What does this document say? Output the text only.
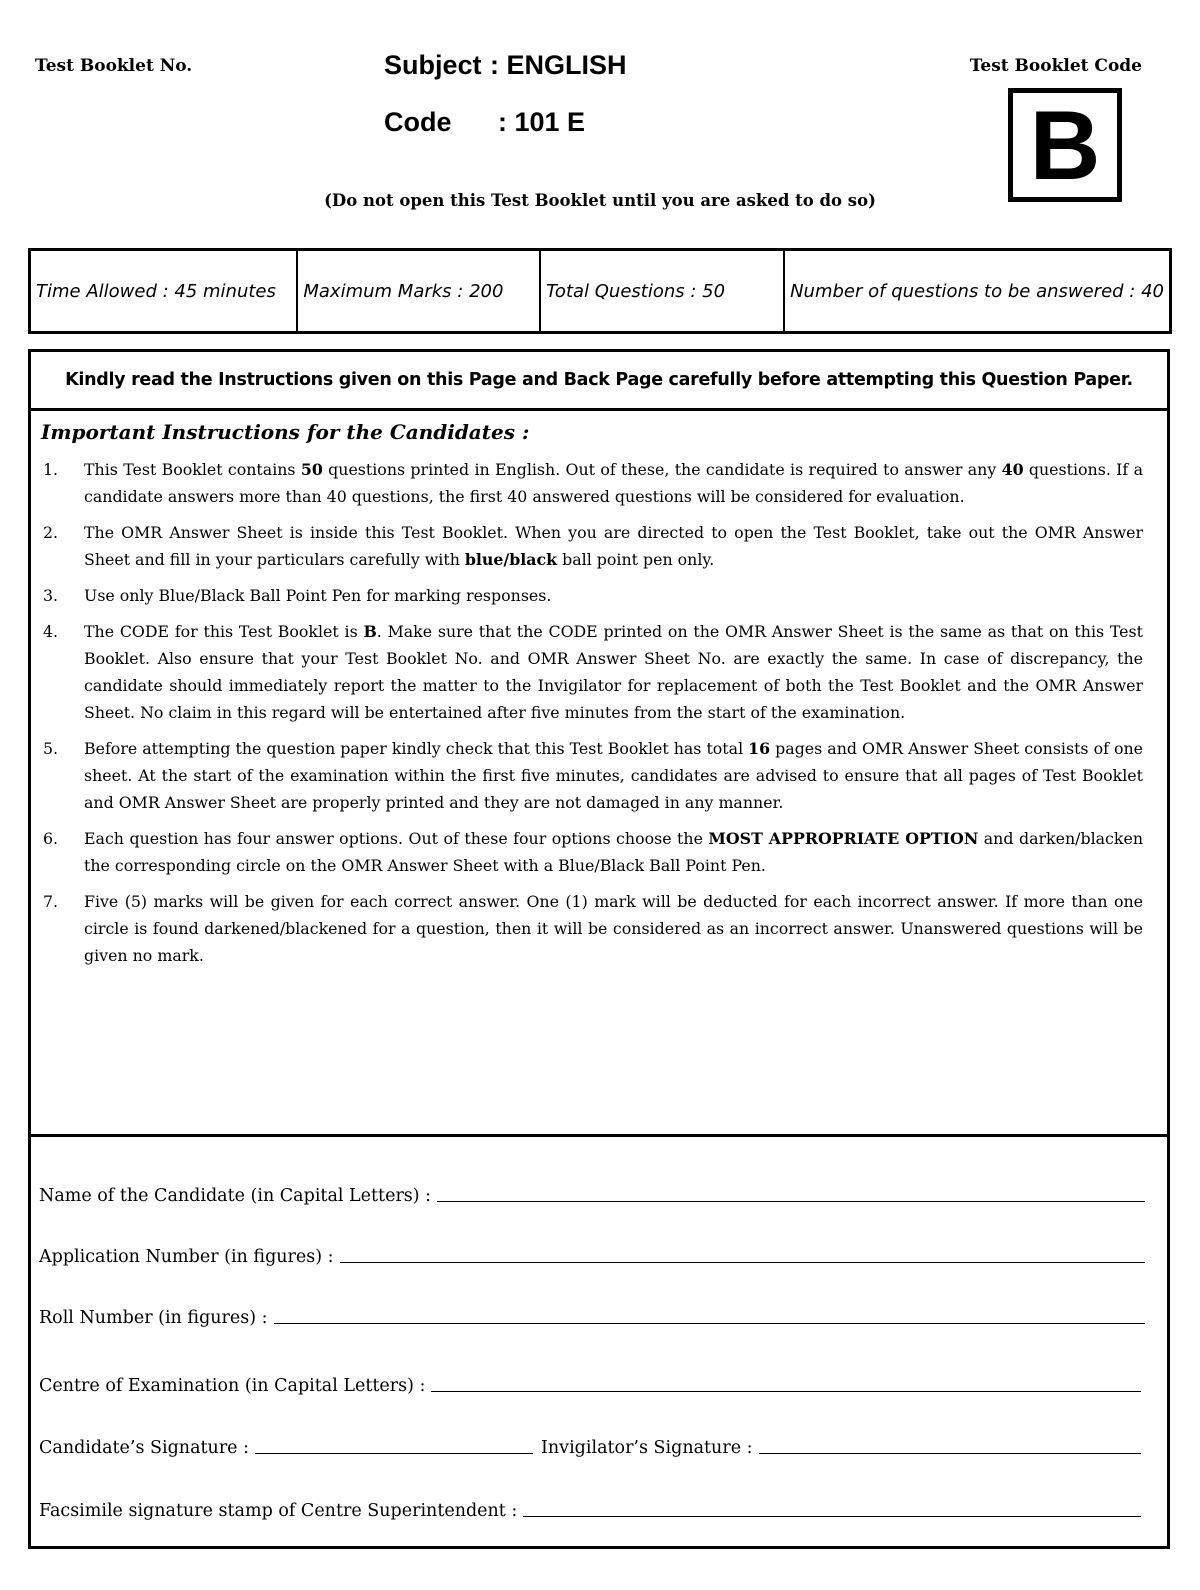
Test Booklet No.	Subject : ENGLISH
Code : 101 E
Test Booklet Code
B
(Do not open this Test Booklet until you are asked to do so)
Time Allowed : 45 minutes	Maximum Marks : 200	Total Questions : 50	Number of questions to be answered : 40
Kindly read the Instructions given on this Page and Back Page carefully before attempting this Question Paper.
Important Instructions for the Candidates :
1. This Test Booklet contains 50 questions printed in English. Out of these, the candidate is required to answer any 40 questions. If a candidate answers more than 40 questions, the first 40 answered questions will be considered for evaluation.
2. The OMR Answer Sheet is inside this Test Booklet. When you are directed to open the Test Booklet, take out the OMR Answer Sheet and fill in your particulars carefully with blue/black ball point pen only.
3. Use only Blue/Black Ball Point Pen for marking responses.
4. The CODE for this Test Booklet is B. Make sure that the CODE printed on the OMR Answer Sheet is the same as that on this Test Booklet. Also ensure that your Test Booklet No. and OMR Answer Sheet No. are exactly the same. In case of discrepancy, the candidate should immediately report the matter to the Invigilator for replacement of both the Test Booklet and the OMR Answer Sheet. No claim in this regard will be entertained after five minutes from the start of the examination.
5. Before attempting the question paper kindly check that this Test Booklet has total 16 pages and OMR Answer Sheet consists of one sheet. At the start of the examination within the first five minutes, candidates are advised to ensure that all pages of Test Booklet and OMR Answer Sheet are properly printed and they are not damaged in any manner.
6. Each question has four answer options. Out of these four options choose the MOST APPROPRIATE OPTION and darken/blacken the corresponding circle on the OMR Answer Sheet with a Blue/Black Ball Point Pen.
7. Five (5) marks will be given for each correct answer. One (1) mark will be deducted for each incorrect answer. If more than one circle is found darkened/blackened for a question, then it will be considered as an incorrect answer. Unanswered questions will be given no mark.
Name of the Candidate (in Capital Letters) :
Application Number (in figures) :
Roll Number (in figures) :
Centre of Examination (in Capital Letters) :
Candidate’s Signature :	Invigilator’s Signature :
Facsimile signature stamp of Centre Superintendent :
